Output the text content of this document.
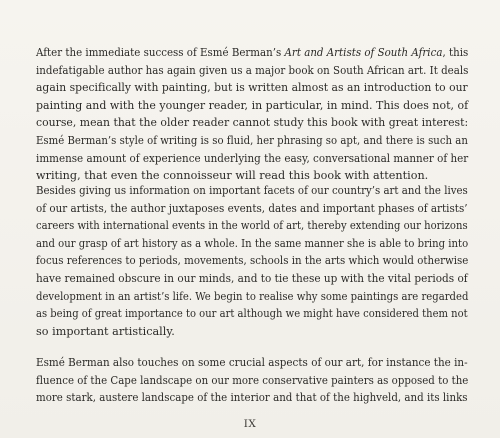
After the immediate success of Esmé Berman’s Art and Artists of South Africa, this
indefatigable author has again given us a major book on South African art. It deals
again specifically with painting, but is written almost as an introduction to our
painting and with the younger reader, in particular, in mind. This does not, of
course, mean that the older reader cannot study this book with great interest:
Esmé Berman’s style of writing is so fluid, her phrasing so apt, and there is such an
immense amount of experience underlying the easy, conversational manner of her
writing, that even the connoisseur will read this book with attention.
Besides giving us information on important facets of our country’s art and the lives
of our artists, the author juxtaposes events, dates and important phases of artists’
careers with international events in the world of art, thereby extending our horizons
and our grasp of art history as a whole. In the same manner she is able to bring into
focus references to periods, movements, schools in the arts which would otherwise
have remained obscure in our minds, and to tie these up with the vital periods of
development in an artist’s life. We begin to realise why some paintings are regarded
as being of great importance to our art although we might have considered them not
so important artistically.
Esmé Berman also touches on some crucial aspects of our art, for instance the in-
fluence of the Cape landscape on our more conservative painters as opposed to the
more stark, austere landscape of the interior and that of the highveld, and its links
IX
